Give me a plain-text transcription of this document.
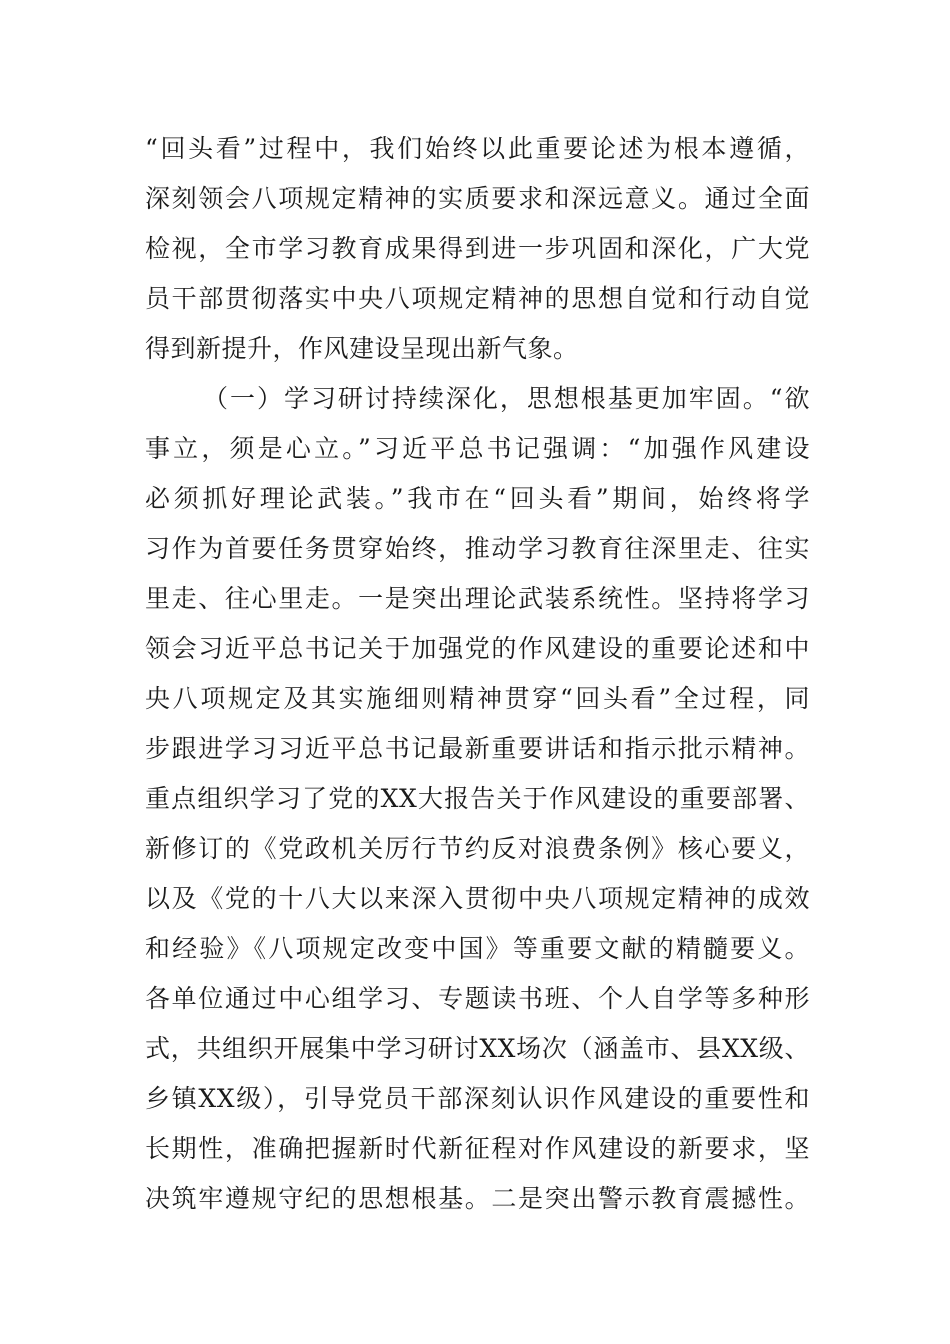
“回头看”过程中，我们始终以此重要论述为根本遵循，
深刻领会八项规定精神的实质要求和深远意义。通过全面
检视，全市学习教育成果得到进一步巩固和深化，广大党
员干部贯彻落实中央八项规定精神的思想自觉和行动自觉
得到新提升，作风建设呈现出新气象。
（一）学习研讨持续深化，思想根基更加牢固。“欲
事立，须是心立。”习近平总书记强调：“加强作风建设
必须抓好理论武装。”我市在“回头看”期间，始终将学
习作为首要任务贯穿始终，推动学习教育往深里走、往实
里走、往心里走。一是突出理论武装系统性。坚持将学习
领会习近平总书记关于加强党的作风建设的重要论述和中
央八项规定及其实施细则精神贯穿“回头看”全过程，同
步跟进学习习近平总书记最新重要讲话和指示批示精神。
重点组织学习了党的XX大报告关于作风建设的重要部署、
新修订的《党政机关厉行节约反对浪费条例》核心要义，
以及《党的十八大以来深入贯彻中央八项规定精神的成效
和经验》《八项规定改变中国》等重要文献的精髓要义。
各单位通过中心组学习、专题读书班、个人自学等多种形
式，共组织开展集中学习研讨XX场次（涵盖市、县XX级、
乡镇XX级），引导党员干部深刻认识作风建设的重要性和
长期性，准确把握新时代新征程对作风建设的新要求，坚
决筑牢遵规守纪的思想根基。二是突出警示教育震撼性。
